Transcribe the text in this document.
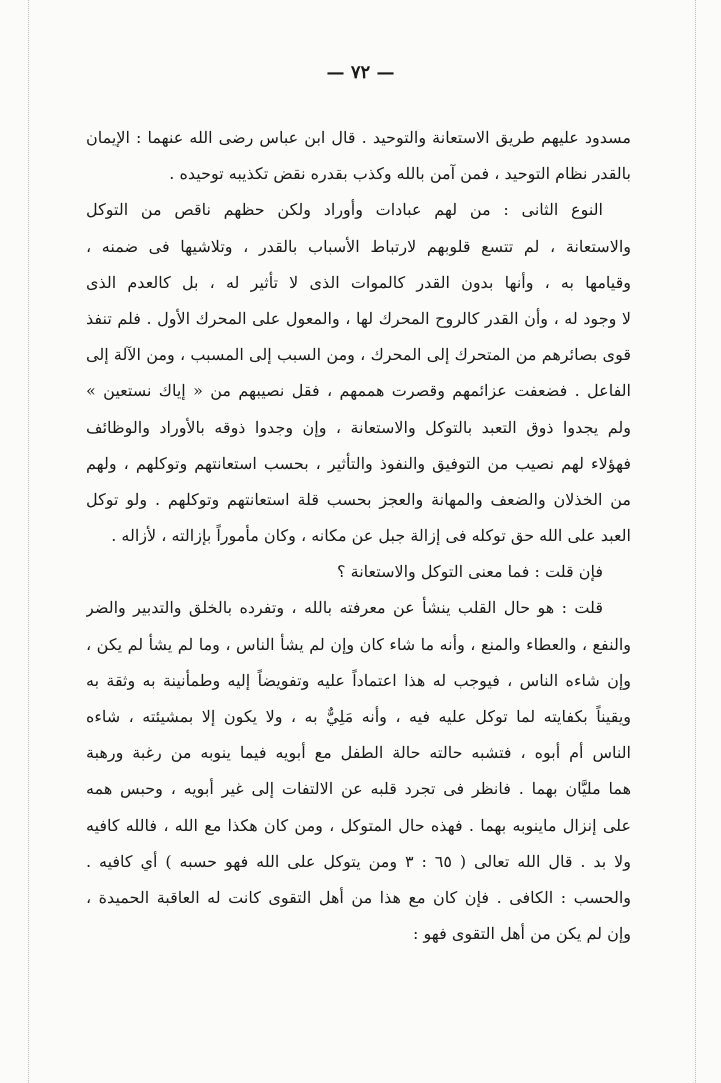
— ٧٢ —
مسدود عليهم طريق الاستعانة والتوحيد . قال ابن عباس رضى الله عنهما : الإيمان
بالقدر نظام التوحيد ، فمن آمن بالله وكذب بقدره نقض تكذيبه توحيده .
النوع الثانى : من لهم عبادات وأوراد ولكن حظهم ناقص من التوكل
والاستعانة ، لم تتسع قلوبهم لارتباط الأسباب بالقدر ، وتلاشيها فى ضمنه ،
وقيامها به ، وأنها بدون القدر كالموات الذى لا تأثير له ، بل كالعدم الذى
لا وجود له ، وأن القدر كالروح المحرك لها ، والمعول على المحرك الأول . فلم تنفذ
قوى بصائرهم من المتحرك إلى المحرك ، ومن السبب إلى المسبب ، ومن الآلة إلى
الفاعل . فضعفت عزائمهم وقصرت هممهم ، فقل نصيبهم من « إياك نستعين »
ولم يجدوا ذوق التعبد بالتوكل والاستعانة ، وإن وجدوا ذوقه بالأوراد والوظائف
فهؤلاء لهم نصيب من التوفيق والنفوذ والتأثير ، بحسب استعانتهم وتوكلهم ، ولهم
من الخذلان والضعف والمهانة والعجز بحسب قلة استعانتهم وتوكلهم . ولو توكل
العبد على الله حق توكله فى إزالة جبل عن مكانه ، وكان مأموراً بإزالته ، لأزاله .
فإن قلت : فما معنى التوكل والاستعانة ؟
قلت : هو حال القلب ينشأ عن معرفته بالله ، وتفرده بالخلق والتدبير والضر
والنفع ، والعطاء والمنع ، وأنه ما شاء كان وإن لم يشأ الناس ، وما لم يشأ لم يكن ،
وإن شاءه الناس ، فيوجب له هذا اعتماداً عليه وتفويضاً إليه وطمأنينة به وثقة به
ويقيناً بكفايته لما توكل عليه فيه ، وأنه مَلِيٌّ به ، ولا يكون إلا بمشيئته ، شاءه
الناس أم أبوه ، فتشبه حالته حالة الطفل مع أبويه فيما ينوبه من رغبة ورهبة
هما مليَّان بهما . فانظر فى تجرد قلبه عن الالتفات إلى غير أبويه ، وحبس همه
على إنزال ماينوبه بهما . فهذه حال المتوكل ، ومن كان هكذا مع الله ، فالله كافيه
ولا بد . قال الله تعالى ( ٦٥ : ٣ ومن يتوكل على الله فهو حسبه ) أي كافيه .
والحسب : الكافى . فإن كان مع هذا من أهل التقوى كانت له العاقبة الحميدة ،
وإن لم يكن من أهل التقوى فهو :
